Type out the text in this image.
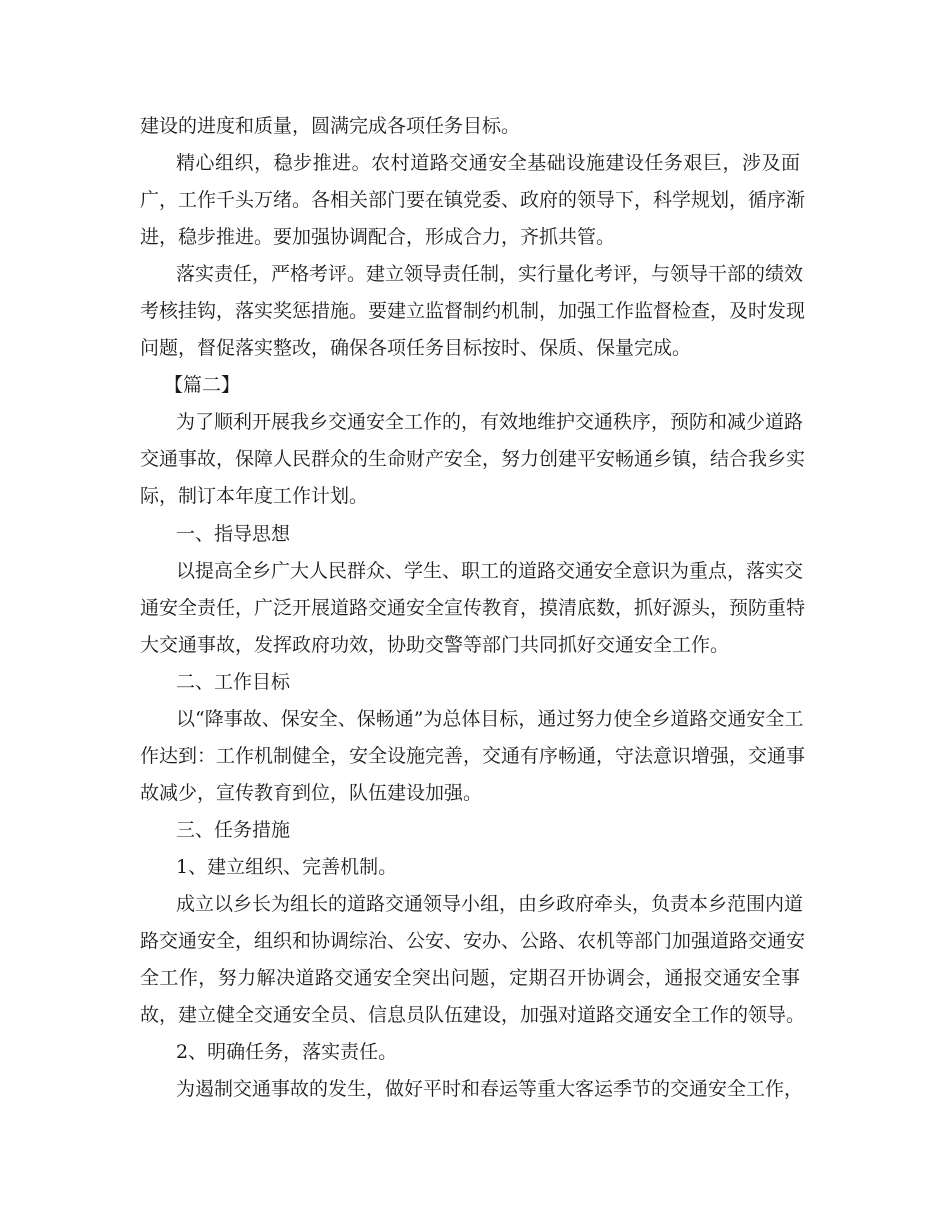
建设的进度和质量，圆满完成各项任务目标。
精心组织，稳步推进。农村道路交通安全基础设施建设任务艰巨，涉及面
广，工作千头万绪。各相关部门要在镇党委、政府的领导下，科学规划，循序渐
进，稳步推进。要加强协调配合，形成合力，齐抓共管。
落实责任，严格考评。建立领导责任制，实行量化考评，与领导干部的绩效
考核挂钩，落实奖惩措施。要建立监督制约机制，加强工作监督检查，及时发现
问题，督促落实整改，确保各项任务目标按时、保质、保量完成。
【篇二】
为了顺利开展我乡交通安全工作的，有效地维护交通秩序，预防和减少道路
交通事故，保障人民群众的生命财产安全，努力创建平安畅通乡镇，结合我乡实
际，制订本年度工作计划。
一、指导思想
以提高全乡广大人民群众、学生、职工的道路交通安全意识为重点，落实交
通安全责任，广泛开展道路交通安全宣传教育，摸清底数，抓好源头，预防重特
大交通事故，发挥政府功效，协助交警等部门共同抓好交通安全工作。
二、工作目标
以“降事故、保安全、保畅通”为总体目标，通过努力使全乡道路交通安全工
作达到：工作机制健全，安全设施完善，交通有序畅通，守法意识增强，交通事
故减少，宣传教育到位，队伍建设加强。
三、任务措施
1、建立组织、完善机制。
成立以乡长为组长的道路交通领导小组，由乡政府牵头，负责本乡范围内道
路交通安全，组织和协调综治、公安、安办、公路、农机等部门加强道路交通安
全工作，努力解决道路交通安全突出问题，定期召开协调会，通报交通安全事
故，建立健全交通安全员、信息员队伍建设，加强对道路交通安全工作的领导。
2、明确任务，落实责任。
为遏制交通事故的发生，做好平时和春运等重大客运季节的交通安全工作，
